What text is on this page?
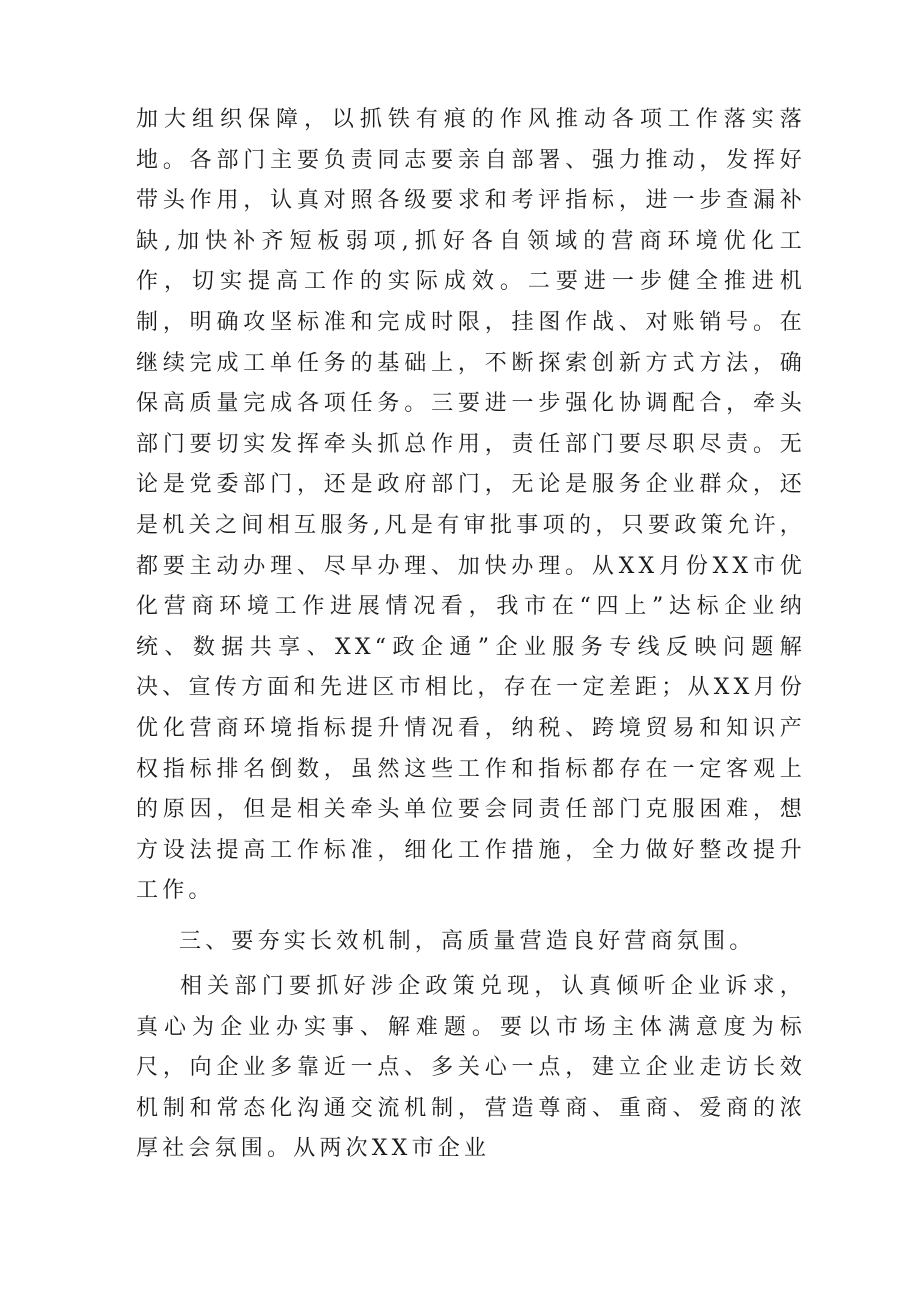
加大组织保障，以抓铁有痕的作风推动各项工作落实落地。各部门主要负责同志要亲自部署、强力推动，发挥好带头作用，认真对照各级要求和考评指标，进一步查漏补缺,加快补齐短板弱项,抓好各自领域的营商环境优化工作，切实提高工作的实际成效。二要进一步健全推进机制，明确攻坚标准和完成时限，挂图作战、对账销号。在继续完成工单任务的基础上，不断探索创新方式方法，确保高质量完成各项任务。三要进一步强化协调配合，牵头部门要切实发挥牵头抓总作用，责任部门要尽职尽责。无论是党委部门，还是政府部门，无论是服务企业群众，还是机关之间相互服务,凡是有审批事项的，只要政策允许，都要主动办理、尽早办理、加快办理。从XX月份XX市优化营商环境工作进展情况看，我市在“四上”达标企业纳统、数据共享、XX“政企通”企业服务专线反映问题解决、宣传方面和先进区市相比，存在一定差距；从XX月份优化营商环境指标提升情况看，纳税、跨境贸易和知识产权指标排名倒数，虽然这些工作和指标都存在一定客观上的原因，但是相关牵头单位要会同责任部门克服困难，想方设法提高工作标准，细化工作措施，全力做好整改提升工作。

三、要夯实长效机制，高质量营造良好营商氛围。

相关部门要抓好涉企政策兑现，认真倾听企业诉求，真心为企业办实事、解难题。要以市场主体满意度为标尺，向企业多靠近一点、多关心一点，建立企业走访长效机制和常态化沟通交流机制，营造尊商、重商、爱商的浓厚社会氛围。从两次XX市企业
